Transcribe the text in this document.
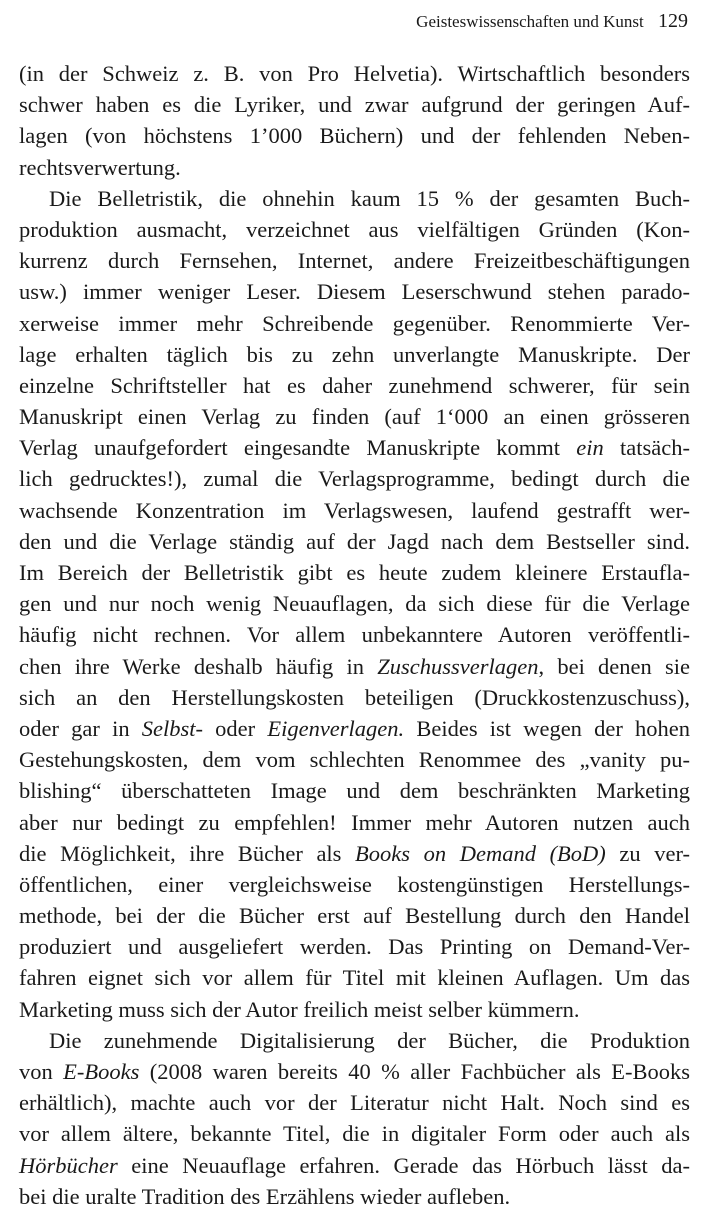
Geisteswissenschaften und Kunst 129
(in der Schweiz z. B. von Pro Helvetia). Wirtschaftlich besonders
schwer haben es die Lyriker, und zwar aufgrund der geringen Auf-
lagen (von höchstens 1’000 Büchern) und der fehlenden Neben-
rechtsverwertung.
Die Belletristik, die ohnehin kaum 15 % der gesamten Buch-
produktion ausmacht, verzeichnet aus vielfältigen Gründen (Kon-
kurrenz durch Fernsehen, Internet, andere Freizeitbeschäftigungen
usw.) immer weniger Leser. Diesem Leserschwund stehen parado-
xerweise immer mehr Schreibende gegenüber. Renommierte Ver-
lage erhalten täglich bis zu zehn unverlangte Manuskripte. Der
einzelne Schriftsteller hat es daher zunehmend schwerer, für sein
Manuskript einen Verlag zu finden (auf 1‘000 an einen grösseren
Verlag unaufgefordert eingesandte Manuskripte kommt ein tatsäch-
lich gedrucktes!), zumal die Verlagsprogramme, bedingt durch die
wachsende Konzentration im Verlagswesen, laufend gestrafft wer-
den und die Verlage ständig auf der Jagd nach dem Bestseller sind.
Im Bereich der Belletristik gibt es heute zudem kleinere Erstaufla-
gen und nur noch wenig Neuauflagen, da sich diese für die Verlage
häufig nicht rechnen. Vor allem unbekanntere Autoren veröffentli-
chen ihre Werke deshalb häufig in Zuschussverlagen, bei denen sie
sich an den Herstellungskosten beteiligen (Druckkostenzuschuss),
oder gar in Selbst- oder Eigenverlagen. Beides ist wegen der hohen
Gestehungskosten, dem vom schlechten Renommee des „vanity pu-
blishing“ überschatteten Image und dem beschränkten Marketing
aber nur bedingt zu empfehlen! Immer mehr Autoren nutzen auch
die Möglichkeit, ihre Bücher als Books on Demand (BoD) zu ver-
öffentlichen, einer vergleichsweise kostengünstigen Herstellungs-
methode, bei der die Bücher erst auf Bestellung durch den Handel
produziert und ausgeliefert werden. Das Printing on Demand-Ver-
fahren eignet sich vor allem für Titel mit kleinen Auflagen. Um das
Marketing muss sich der Autor freilich meist selber kümmern.
Die zunehmende Digitalisierung der Bücher, die Produktion
von E-Books (2008 waren bereits 40 % aller Fachbücher als E-Books
erhältlich), machte auch vor der Literatur nicht Halt. Noch sind es
vor allem ältere, bekannte Titel, die in digitaler Form oder auch als
Hörbücher eine Neuauflage erfahren. Gerade das Hörbuch lässt da-
bei die uralte Tradition des Erzählens wieder aufleben.
